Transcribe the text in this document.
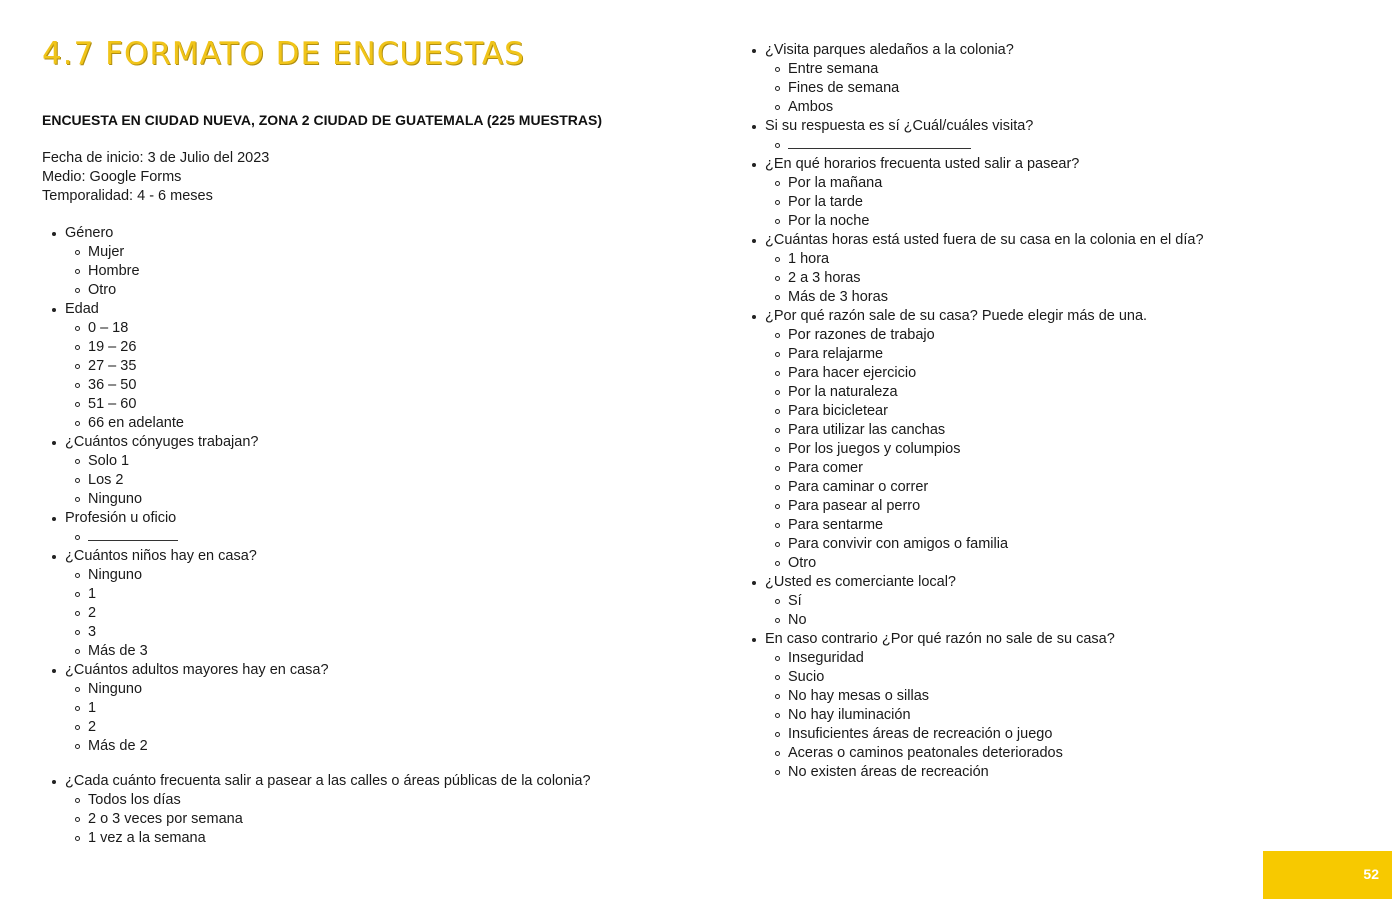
4.7 FORMATO DE ENCUESTAS
ENCUESTA EN CIUDAD NUEVA, ZONA 2 CIUDAD DE GUATEMALA (225 MUESTRAS)
Fecha de inicio: 3 de Julio del 2023
Medio: Google Forms
Temporalidad: 4 - 6 meses
Género
Mujer
Hombre
Otro
Edad
0 – 18
19 – 26
27 – 35
36 – 50
51 – 60
66 en adelante
¿Cuántos cónyuges trabajan?
Solo 1
Los 2
Ninguno
Profesión u oficio
¿Cuántos niños hay en casa?
Ninguno
1
2
3
Más de 3
¿Cuántos adultos mayores hay en casa?
Ninguno
1
2
Más de 2
¿Cada cuánto frecuenta salir a pasear a las calles o áreas públicas de la colonia?
Todos los días
2 o 3 veces por semana
1 vez a la semana
¿Visita parques aledaños a la colonia?
Entre semana
Fines de semana
Ambos
Si su respuesta es sí ¿Cuál/cuáles visita?
¿En qué horarios frecuenta usted salir a pasear?
Por la mañana
Por la tarde
Por la noche
¿Cuántas horas está usted fuera de su casa en la colonia en el día?
1 hora
2 a 3 horas
Más de 3 horas
¿Por qué razón sale de su casa? Puede elegir más de una.
Por razones de trabajo
Para relajarme
Para hacer ejercicio
Por la naturaleza
Para bicicletear
Para utilizar las canchas
Por los juegos y columpios
Para comer
Para caminar o correr
Para pasear al perro
Para sentarme
Para convivir con amigos o familia
Otro
¿Usted es comerciante local?
Sí
No
En caso contrario ¿Por qué razón no sale de su casa?
Inseguridad
Sucio
No hay mesas o sillas
No hay iluminación
Insuficientes áreas de recreación o juego
Aceras o caminos peatonales deteriorados
No existen áreas de recreación
52
